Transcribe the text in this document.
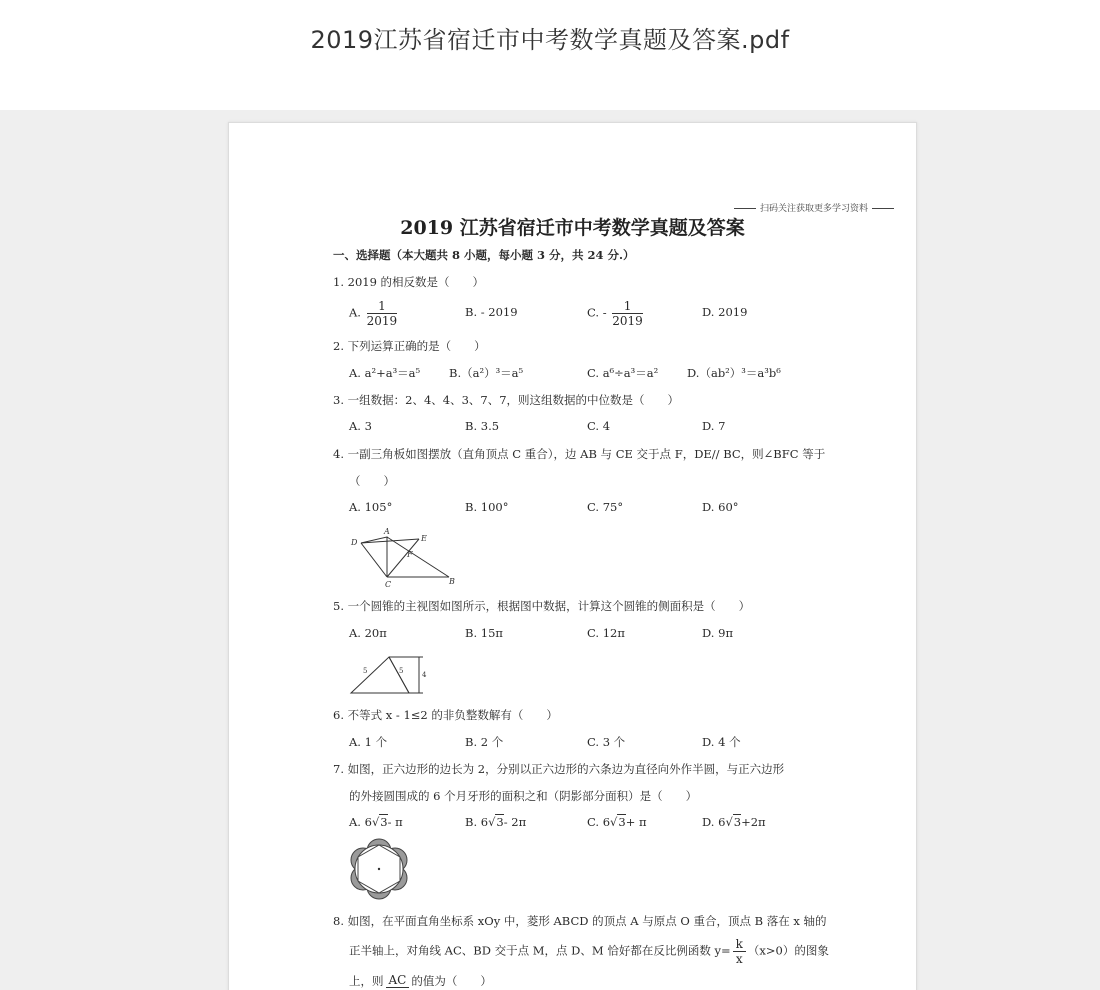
2019江苏省宿迁市中考数学真题及答案.pdf
扫码关注获取更多学习资料
2019 江苏省宿迁市中考数学真题及答案
一、选择题（本大题共 8 小题，每小题 3 分，共 24 分.）
1. 2019 的相反数是（　　）
A. $\frac{1}{2019}$	B. - 2019	C. - $\frac{1}{2019}$	D. 2019
2. 下列运算正确的是（　　）
A. a²+a³＝a⁵	B.（a²）³＝a⁵	C. a⁶÷a³＝a²	D.（ab²）³＝a³b⁶
3. 一组数据：2、4、4、3、7、7，则这组数据的中位数是（　　）
A. 3	B. 3.5	C. 4	D. 7
4. 一副三角板如图摆放（直角顶点 C 重合），边 AB 与 CE 交于点 F，DE// BC，则∠BFC 等于
（　　）
A. 105°	B. 100°	C. 75°	D. 60°
A
D	E
F
C	B
5. 一个圆锥的主视图如图所示，根据图中数据，计算这个圆锥的侧面积是（　　）
A. 20π	B. 15π	C. 12π	D. 9π
5	5	4
6. 不等式 x - 1≤2 的非负整数解有（　　）
A. 1 个	B. 2 个	C. 3 个	D. 4 个
7. 如图，正六边形的边长为 2，分别以正六边形的六条边为直径向外作半圆，与正六边形
的外接圆围成的 6 个月牙形的面积之和（阴影部分面积）是（　　）
A. 6√3- π	B. 6√3- 2π	C. 6√3+ π	D. 6√3+2π
8. 如图，在平面直角坐标系 xOy 中，菱形 ABCD 的顶点 A 与原点 O 重合，顶点 B 落在 x 轴的
正半轴上，对角线 AC、BD 交于点 M，点 D、M 恰好都在反比例函数 $y= \frac{k}{x} (x>0)$的图象
上，则 AC 的值为（　　）
